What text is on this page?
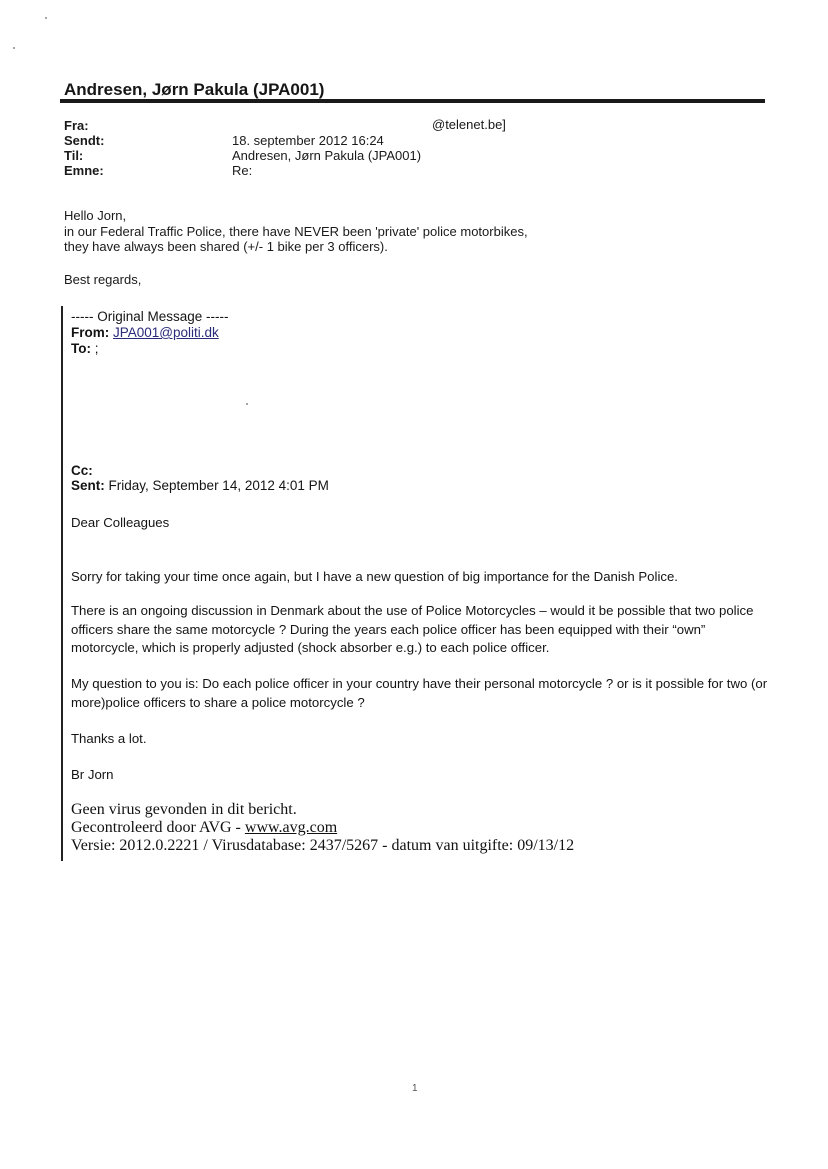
Andresen, Jørn Pakula (JPA001)
Fra:	@telenet.be]
Sendt:	18. september 2012 16:24
Til:	Andresen, Jørn Pakula (JPA001)
Emne:	Re:
Hello Jorn,
in our Federal Traffic Police, there have NEVER been 'private' police motorbikes,
they have always been shared (+/- 1 bike per 3 officers).
Best regards,
----- Original Message -----
From: JPA001@politi.dk
To: ;
Cc:
Sent: Friday, September 14, 2012 4:01 PM
Dear Colleagues
Sorry for taking your time once again, but I have a new question of big importance for the Danish Police.
There is an ongoing discussion in Denmark about the use of Police Motorcycles – would it be possible that two police officers share the same motorcycle ? During the years each police officer has been equipped with their “own” motorcycle, which is properly adjusted (shock absorber e.g.) to each police officer.
My question to you is: Do each police officer in your country have their personal motorcycle ? or is it possible for two (or more)police officers to share a police motorcycle ?
Thanks a lot.
Br Jorn
Geen virus gevonden in dit bericht.
Gecontroleerd door AVG - www.avg.com
Versie: 2012.0.2221 / Virusdatabase: 2437/5267 - datum van uitgifte: 09/13/12
1
